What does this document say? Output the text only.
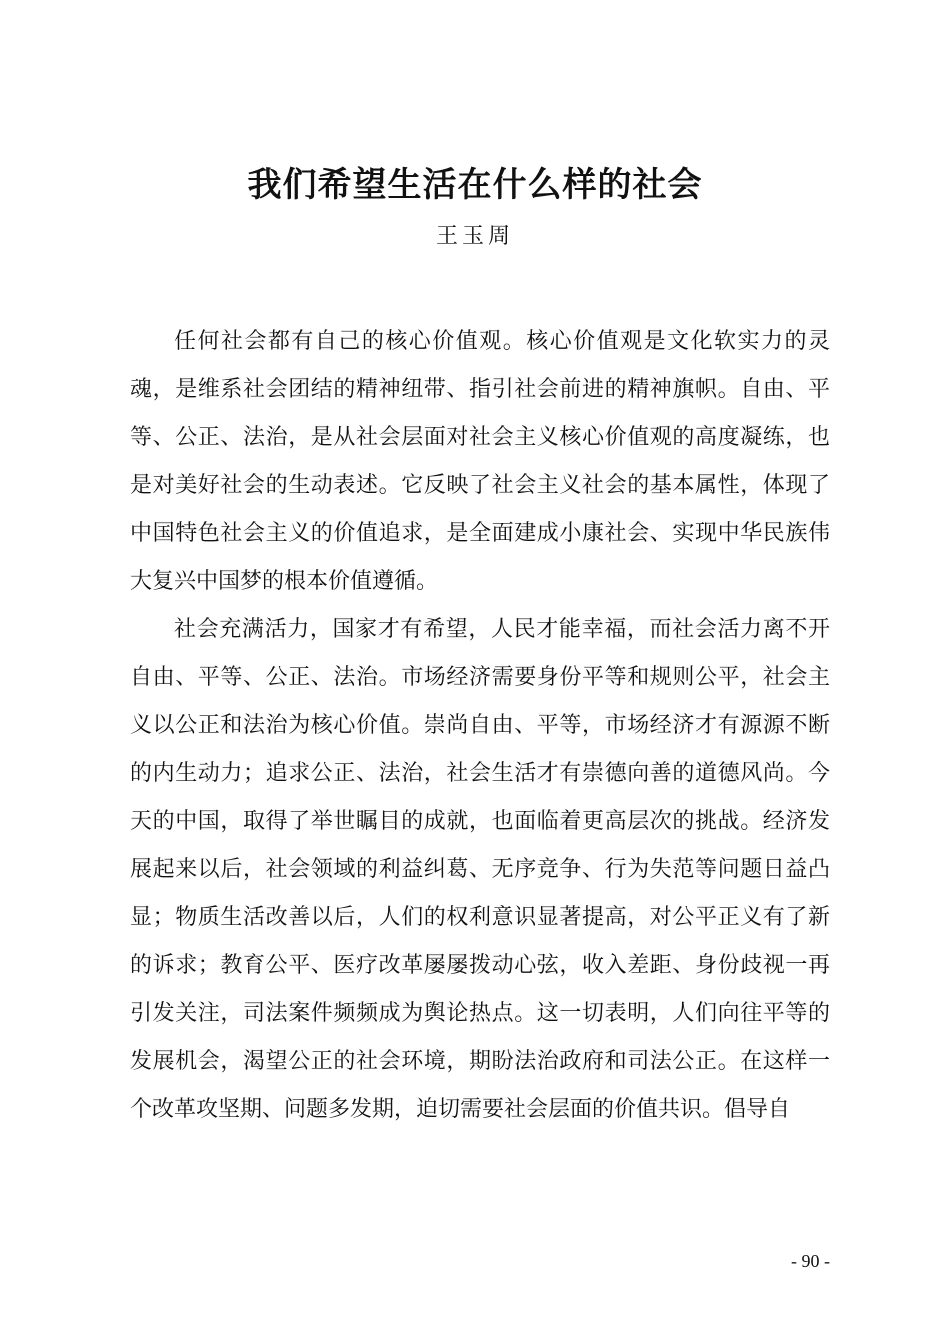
我们希望生活在什么样的社会
王玉周

任何社会都有自己的核心价值观。核心价值观是文化软实力的灵魂，是维系社会团结的精神纽带、指引社会前进的精神旗帜。自由、平等、公正、法治，是从社会层面对社会主义核心价值观的高度凝练，也是对美好社会的生动表述。它反映了社会主义社会的基本属性，体现了中国特色社会主义的价值追求，是全面建成小康社会、实现中华民族伟大复兴中国梦的根本价值遵循。

社会充满活力，国家才有希望，人民才能幸福，而社会活力离不开自由、平等、公正、法治。市场经济需要身份平等和规则公平，社会主义以公正和法治为核心价值。崇尚自由、平等，市场经济才有源源不断的内生动力；追求公正、法治，社会生活才有崇德向善的道德风尚。今天的中国，取得了举世瞩目的成就，也面临着更高层次的挑战。经济发展起来以后，社会领域的利益纠葛、无序竞争、行为失范等问题日益凸显；物质生活改善以后，人们的权利意识显著提高，对公平正义有了新的诉求；教育公平、医疗改革屡屡拨动心弦，收入差距、身份歧视一再引发关注，司法案件频频成为舆论热点。这一切表明，人们向往平等的发展机会，渴望公正的社会环境，期盼法治政府和司法公正。在这样一个改革攻坚期、问题多发期，迫切需要社会层面的价值共识。倡导自

- 90 -
